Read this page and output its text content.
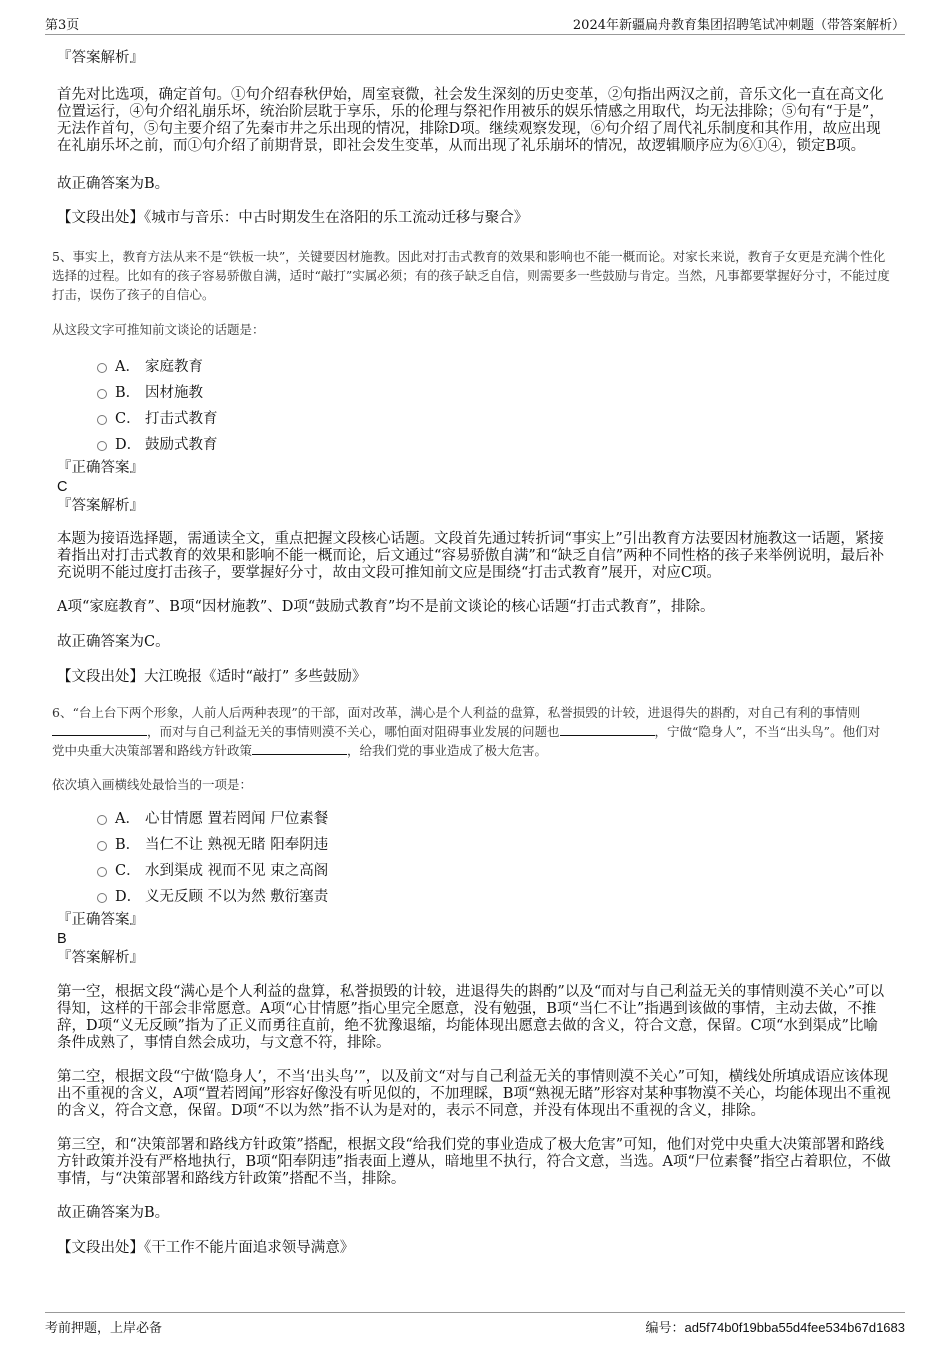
第3页	2024年新疆扁舟教育集团招聘笔试冲刺题（带答案解析）
『答案解析』

首先对比选项，确定首句。①句介绍春秋伊始，周室衰微，社会发生深刻的历史变革，②句指出两汉之前，音乐文化一直在高文化位置运行，④句介绍礼崩乐坏，统治阶层耽于享乐，乐的伦理与祭祀作用被乐的娱乐情感之用取代，均无法排除；⑤句有“于是”，无法作首句，⑤句主要介绍了先秦市井之乐出现的情况，排除D项。继续观察发现，⑥句介绍了周代礼乐制度和其作用，故应出现在礼崩乐坏之前，而①句介绍了前期背景，即社会发生变革，从而出现了礼乐崩坏的情况，故逻辑顺序应为⑥①④，锁定B项。

故正确答案为B。

【文段出处】《城市与音乐：中古时期发生在洛阳的乐工流动迁移与聚合》

5、事实上，教育方法从来不是“铁板一块”，关键要因材施教。因此对打击式教育的效果和影响也不能一概而论。对家长来说，教育子女更是充满个性化选择的过程。比如有的孩子容易骄傲自满，适时“敲打”实属必须；有的孩子缺乏自信，则需要多一些鼓励与肯定。当然，凡事都要掌握好分寸，不能过度打击，误伤了孩子的自信心。

从这段文字可推知前文谈论的话题是：

A． 家庭教育
B． 因材施教
C． 打击式教育
D． 鼓励式教育
『正确答案』
C
『答案解析』

本题为接语选择题，需通读全文，重点把握文段核心话题。文段首先通过转折词“事实上”引出教育方法要因材施教这一话题，紧接着指出对打击式教育的效果和影响不能一概而论，后文通过“容易骄傲自满”和“缺乏自信”两种不同性格的孩子来举例说明，最后补充说明不能过度打击孩子，要掌握好分寸，故由文段可推知前文应是围绕“打击式教育”展开，对应C项。

A项“家庭教育”、B项“因材施教”、D项“鼓励式教育”均不是前文谈论的核心话题“打击式教育”，排除。

故正确答案为C。

【文段出处】大江晚报《适时“敲打” 多些鼓励》

6、“台上台下两个形象，人前人后两种表现”的干部，面对改革，满心是个人利益的盘算，私誉损毁的计较，进退得失的斟酌，对自己有利的事情则，而对与自己利益无关的事情则漠不关心，哪怕面对阻碍事业发展的问题也	，宁做“隐身人”，不当“出头鸟”。他们对党中央重大决策部署和路线方针政策	，给我们党的事业造成了极大危害。

依次填入画横线处最恰当的一项是：

A． 心甘情愿 置若罔闻 尸位素餐
B． 当仁不让 熟视无睹 阳奉阴违
C． 水到渠成 视而不见 束之高阁
D． 义无反顾 不以为然 敷衍塞责
『正确答案』
B
『答案解析』

第一空，根据文段“满心是个人利益的盘算，私誉损毁的计较，进退得失的斟酌”以及“而对与自己利益无关的事情则漠不关心”可以得知，这样的干部会非常愿意。A项“心甘情愿”指心里完全愿意，没有勉强，B项“当仁不让”指遇到该做的事情，主动去做，不推辞，D项“义无反顾”指为了正义而勇往直前，绝不犹豫退缩，均能体现出愿意去做的含义，符合文意，保留。C项“水到渠成”比喻条件成熟了，事情自然会成功，与文意不符，排除。

第二空，根据文段“宁做‘隐身人’，不当‘出头鸟’”，以及前文“对与自己利益无关的事情则漠不关心”可知，横线处所填成语应该体现出不重视的含义，A项“置若罔闻”形容好像没有听见似的，不加理睬，B项“熟视无睹”形容对某种事物漠不关心，均能体现出不重视的含义，符合文意，保留。D项“不以为然”指不认为是对的，表示不同意，并没有体现出不重视的含义，排除。

第三空，和“决策部署和路线方针政策”搭配，根据文段“给我们党的事业造成了极大危害”可知，他们对党中央重大决策部署和路线方针政策并没有严格地执行，B项“阳奉阴违”指表面上遵从，暗地里不执行，符合文意，当选。A项“尸位素餐”指空占着职位，不做事情，与“决策部署和路线方针政策”搭配不当，排除。

故正确答案为B。

【文段出处】《干工作不能片面追求领导满意》

考前押题，上岸必备	编号：ad5f74b0f19bba55d4fee534b67d1683
